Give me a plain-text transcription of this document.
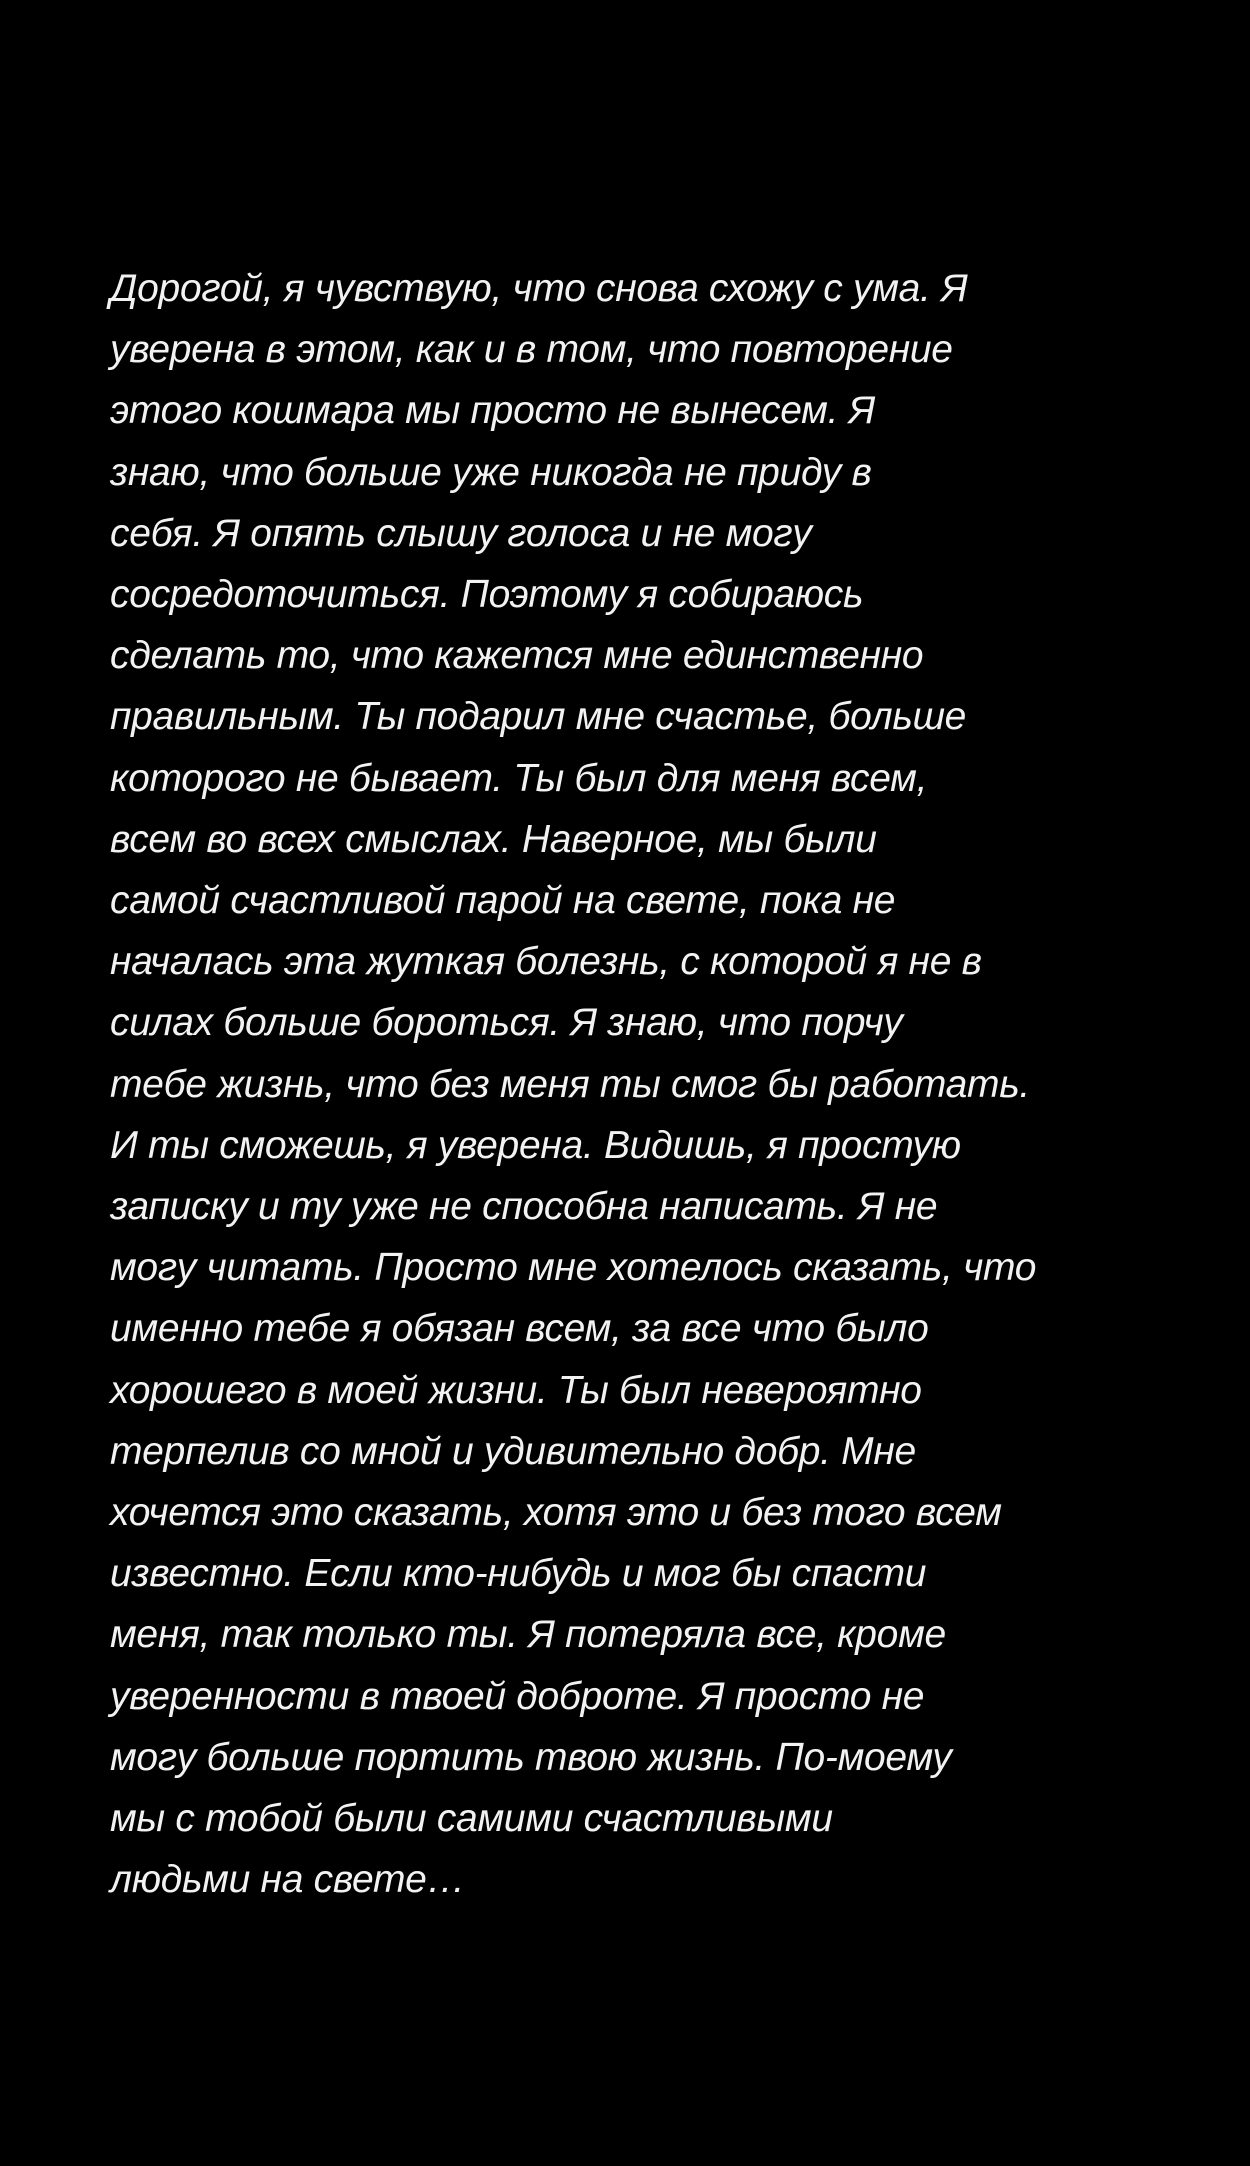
Дорогой, я чувствую, что снова схожу с ума. Я
уверена в этом, как и в том, что повторение
этого кошмара мы просто не вынесем. Я
знаю, что больше уже никогда не приду в
себя. Я опять слышу голоса и не могу
сосредоточиться. Поэтому я собираюсь
сделать то, что кажется мне единственно
правильным. Ты подарил мне счастье, больше
которого не бывает. Ты был для меня всем,
всем во всех смыслах. Наверное, мы были
самой счастливой парой на свете, пока не
началась эта жуткая болезнь, с которой я не в
силах больше бороться. Я знаю, что порчу
тебе жизнь, что без меня ты смог бы работать.
И ты сможешь, я уверена. Видишь, я простую
записку и ту уже не способна написать. Я не
могу читать. Просто мне хотелось сказать, что
именно тебе я обязан всем, за все что было
хорошего в моей жизни. Ты был невероятно
терпелив со мной и удивительно добр. Мне
хочется это сказать, хотя это и без того всем
известно. Если кто-нибудь и мог бы спасти
меня, так только ты. Я потеряла все, кроме
уверенности в твоей доброте. Я просто не
могу больше портить твою жизнь. По-моему
мы с тобой были самими счастливыми
людьми на свете…
